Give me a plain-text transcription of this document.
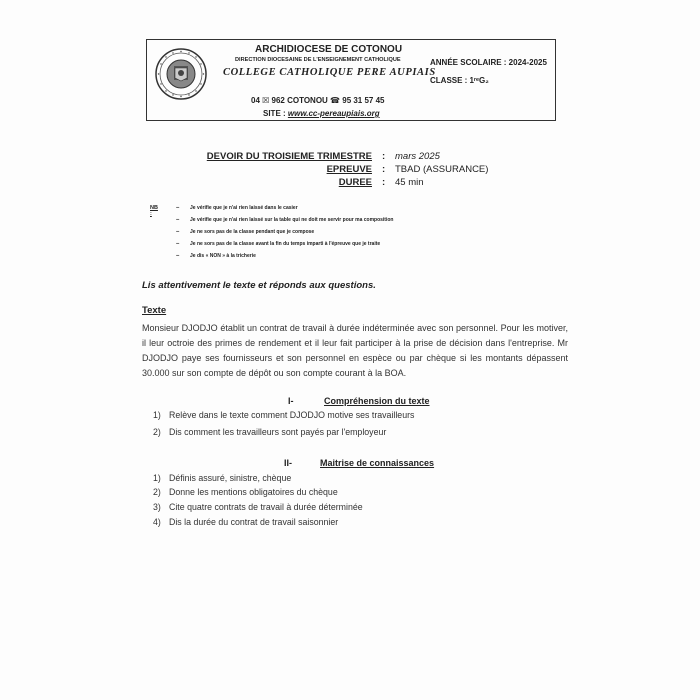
ARCHIDIOCESE DE COTONOU
DIRECTION DIOCESAINE DE L'ENSEIGNEMENT CATHOLIQUE
COLLEGE CATHOLIQUE PERE AUPIAIS
04 ☒ 962 COTONOU ☎ 95 31 57 45
SITE : www.cc-pereaupiais.org
ANNÉE SCOLAIRE : 2024-2025
CLASSE : 1ʳᵉG₂
DEVOIR DU TROISIEME TRIMESTRE : mars 2025
EPREUVE : TBAD (ASSURANCE)
DUREE : 45 min
NB :
– Je vérifie que je n'ai rien laissé dans le casier
– Je vérifie que je n'ai rien laissé sur la table qui ne doit me servir pour ma composition
– Je ne sors pas de la classe pendant que je compose
– Je ne sors pas de la classe avant la fin du temps imparti à l'épreuve que je traite
– Je dis « NON » à la tricherie
Lis attentivement le texte et réponds aux questions.
Texte
Monsieur DJODJO établit un contrat de travail à durée indéterminée avec son personnel. Pour les motiver, il leur octroie des primes de rendement et il leur fait participer à la prise de décision dans l'entreprise. Mr DJODJO paye ses fournisseurs et son personnel en espèce ou par chèque si les montants dépassent 30.000 sur son compte de dépôt ou son compte courant à la BOA.
I-	Compréhension du texte
1) Relève dans le texte comment DJODJO motive ses travailleurs
2) Dis comment les travailleurs sont payés par l'employeur
II-	Maitrise de connaissances
1) Définis assuré, sinistre, chèque
2) Donne les mentions obligatoires du chèque
3) Cite quatre contrats de travail à durée déterminée
4) Dis la durée du contrat de travail saisonnier
